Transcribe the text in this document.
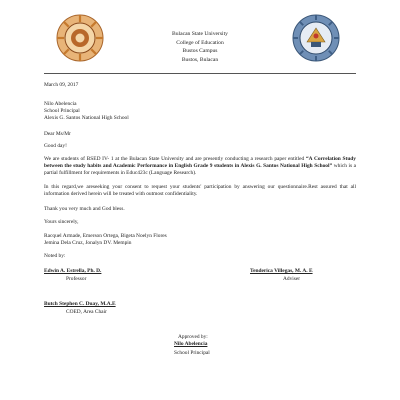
Bulacan State University
College of Education
Bustos Campus
Bustos, Bulacan
March 09, 2017
Nilo Abelencia
School Principal
Alexis G. Santos National High School
Dear Ms/Mr
Good day!
We are students of BSED IV- 1 at the Bulacan State University and are presently conducting a research paper entitled “A Correlation Study between the study habits and Academic Performance in English Grade 9 students in Alexis G. Santos National High School” which is a partial fulfillment for requirements in Educ423c (Language Research).
In this regard,we areseeking your consent to request your students' participation by answering our questionnaire.Rest assured that all information derived herein will be treated with outmost confidentiality.
Thank you very much and God bless.
Yours sincerely,
Racquel Armade, Emerson Ortega, Bigeta Noelyn Flores
Jemina Dela Cruz, Jonalyn DV. Mempin
Noted by:
Edwin A. Estrella, Ph. D.
Professor
Tenderica Villegas, M. A. E
Adviser
Butch Stephen C. Duay, M.A.E
COED, Area Chair
Approved by:
Nilo Abelencia
School Principal
